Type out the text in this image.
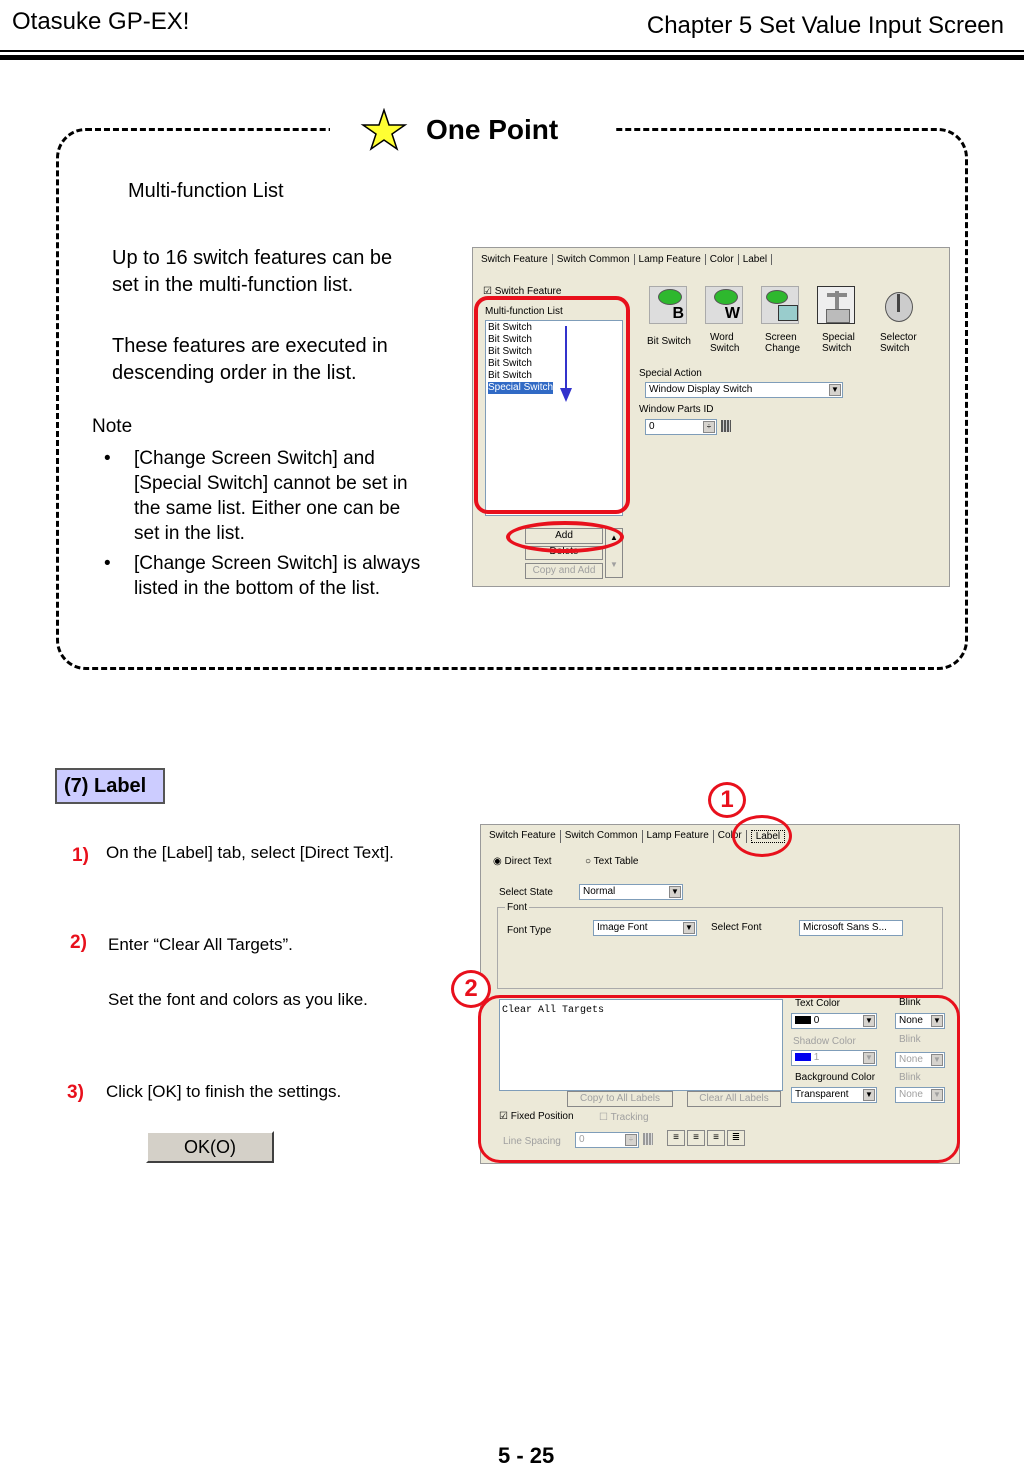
Otasuke GP-EX!	Chapter 5 Set Value Input Screen
One Point
Multi-function List
Up to 16 switch features can be
set in the multi-function list.
These features are executed in
descending order in the list.
Note
• [Change Screen Switch] and
[Special Switch] cannot be set in
the same list. Either one can be
set in the list.
• [Change Screen Switch] is always
listed in the bottom of the list.
Switch Feature Switch Common Lamp Feature Color Label
☑ Switch Feature
Multi-function List
Bit Switch
Bit Switch
Bit Switch
Bit Switch
Bit Switch
Special Switch
B	W
Bit Switch Word
Switch
Screen
Change
Special
Switch
Selector
Switch
Special Action
Window Display Switch	▼
Window Parts ID
0	÷
Add
Delete
Copy and Add
▲
▼
(7) Label
1) On the [Label] tab, select [Direct Text].
2) Enter “Clear All Targets”.
Set the font and colors as you like.
3) Click [OK] to finish the settings.
OK(O)
Switch Feature Switch Common Lamp Feature Color	Label
◉ Direct Text	○ Text Table
Select State	Normal	▼
Font
Font Type	Image Font	▼ Select Font	Microsoft Sans S...
Clear All Targets
Text Color
0	▼
Blink
None ▼
Shadow Color
1	▼
Blink
None ▼
Background Color
Transparent ▼
Blink
None ▼
Copy to All Labels	Clear All Labels
☑ Fixed Position	☐ Tracking
Line Spacing	0	÷	≡	≡	≡	≣
1
2
5 - 25
